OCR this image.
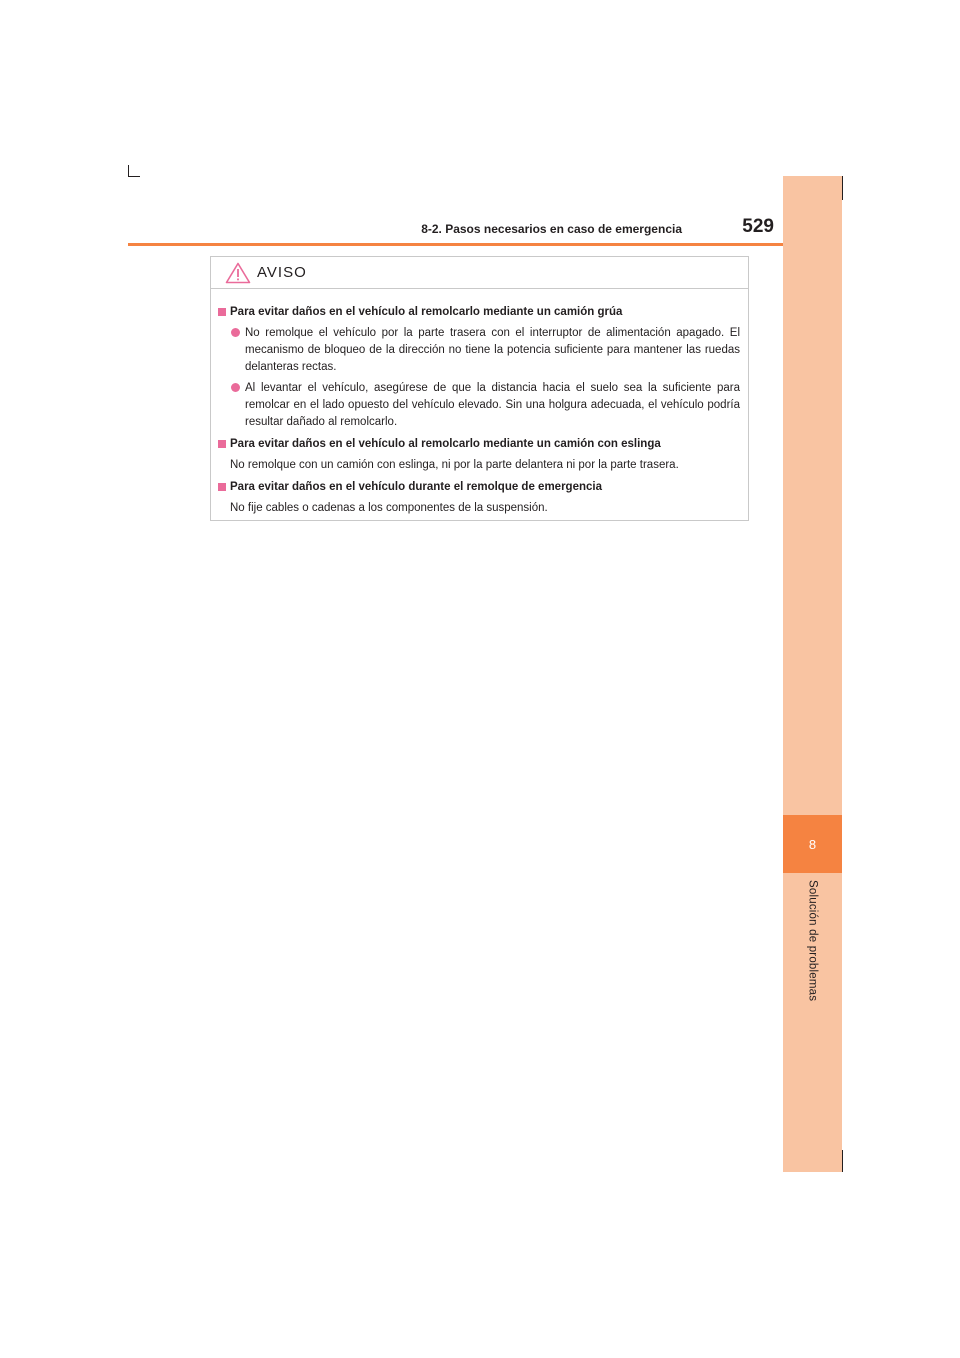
8
Solución de problemas
8-2. Pasos necesarios en caso de emergencia	529
AVISO
Para evitar daños en el vehículo al remolcarlo mediante un camión grúa
No remolque el vehículo por la parte trasera con el interruptor de alimentación apagado. El mecanismo de bloqueo de la dirección no tiene la potencia suficiente para mantener las ruedas delanteras rectas.
Al levantar el vehículo, asegúrese de que la distancia hacia el suelo sea la suficiente para remolcar en el lado opuesto del vehículo elevado. Sin una holgura adecuada, el vehículo podría resultar dañado al remolcarlo.
Para evitar daños en el vehículo al remolcarlo mediante un camión con eslinga
No remolque con un camión con eslinga, ni por la parte delantera ni por la parte trasera.
Para evitar daños en el vehículo durante el remolque de emergencia
No fije cables o cadenas a los componentes de la suspensión.
